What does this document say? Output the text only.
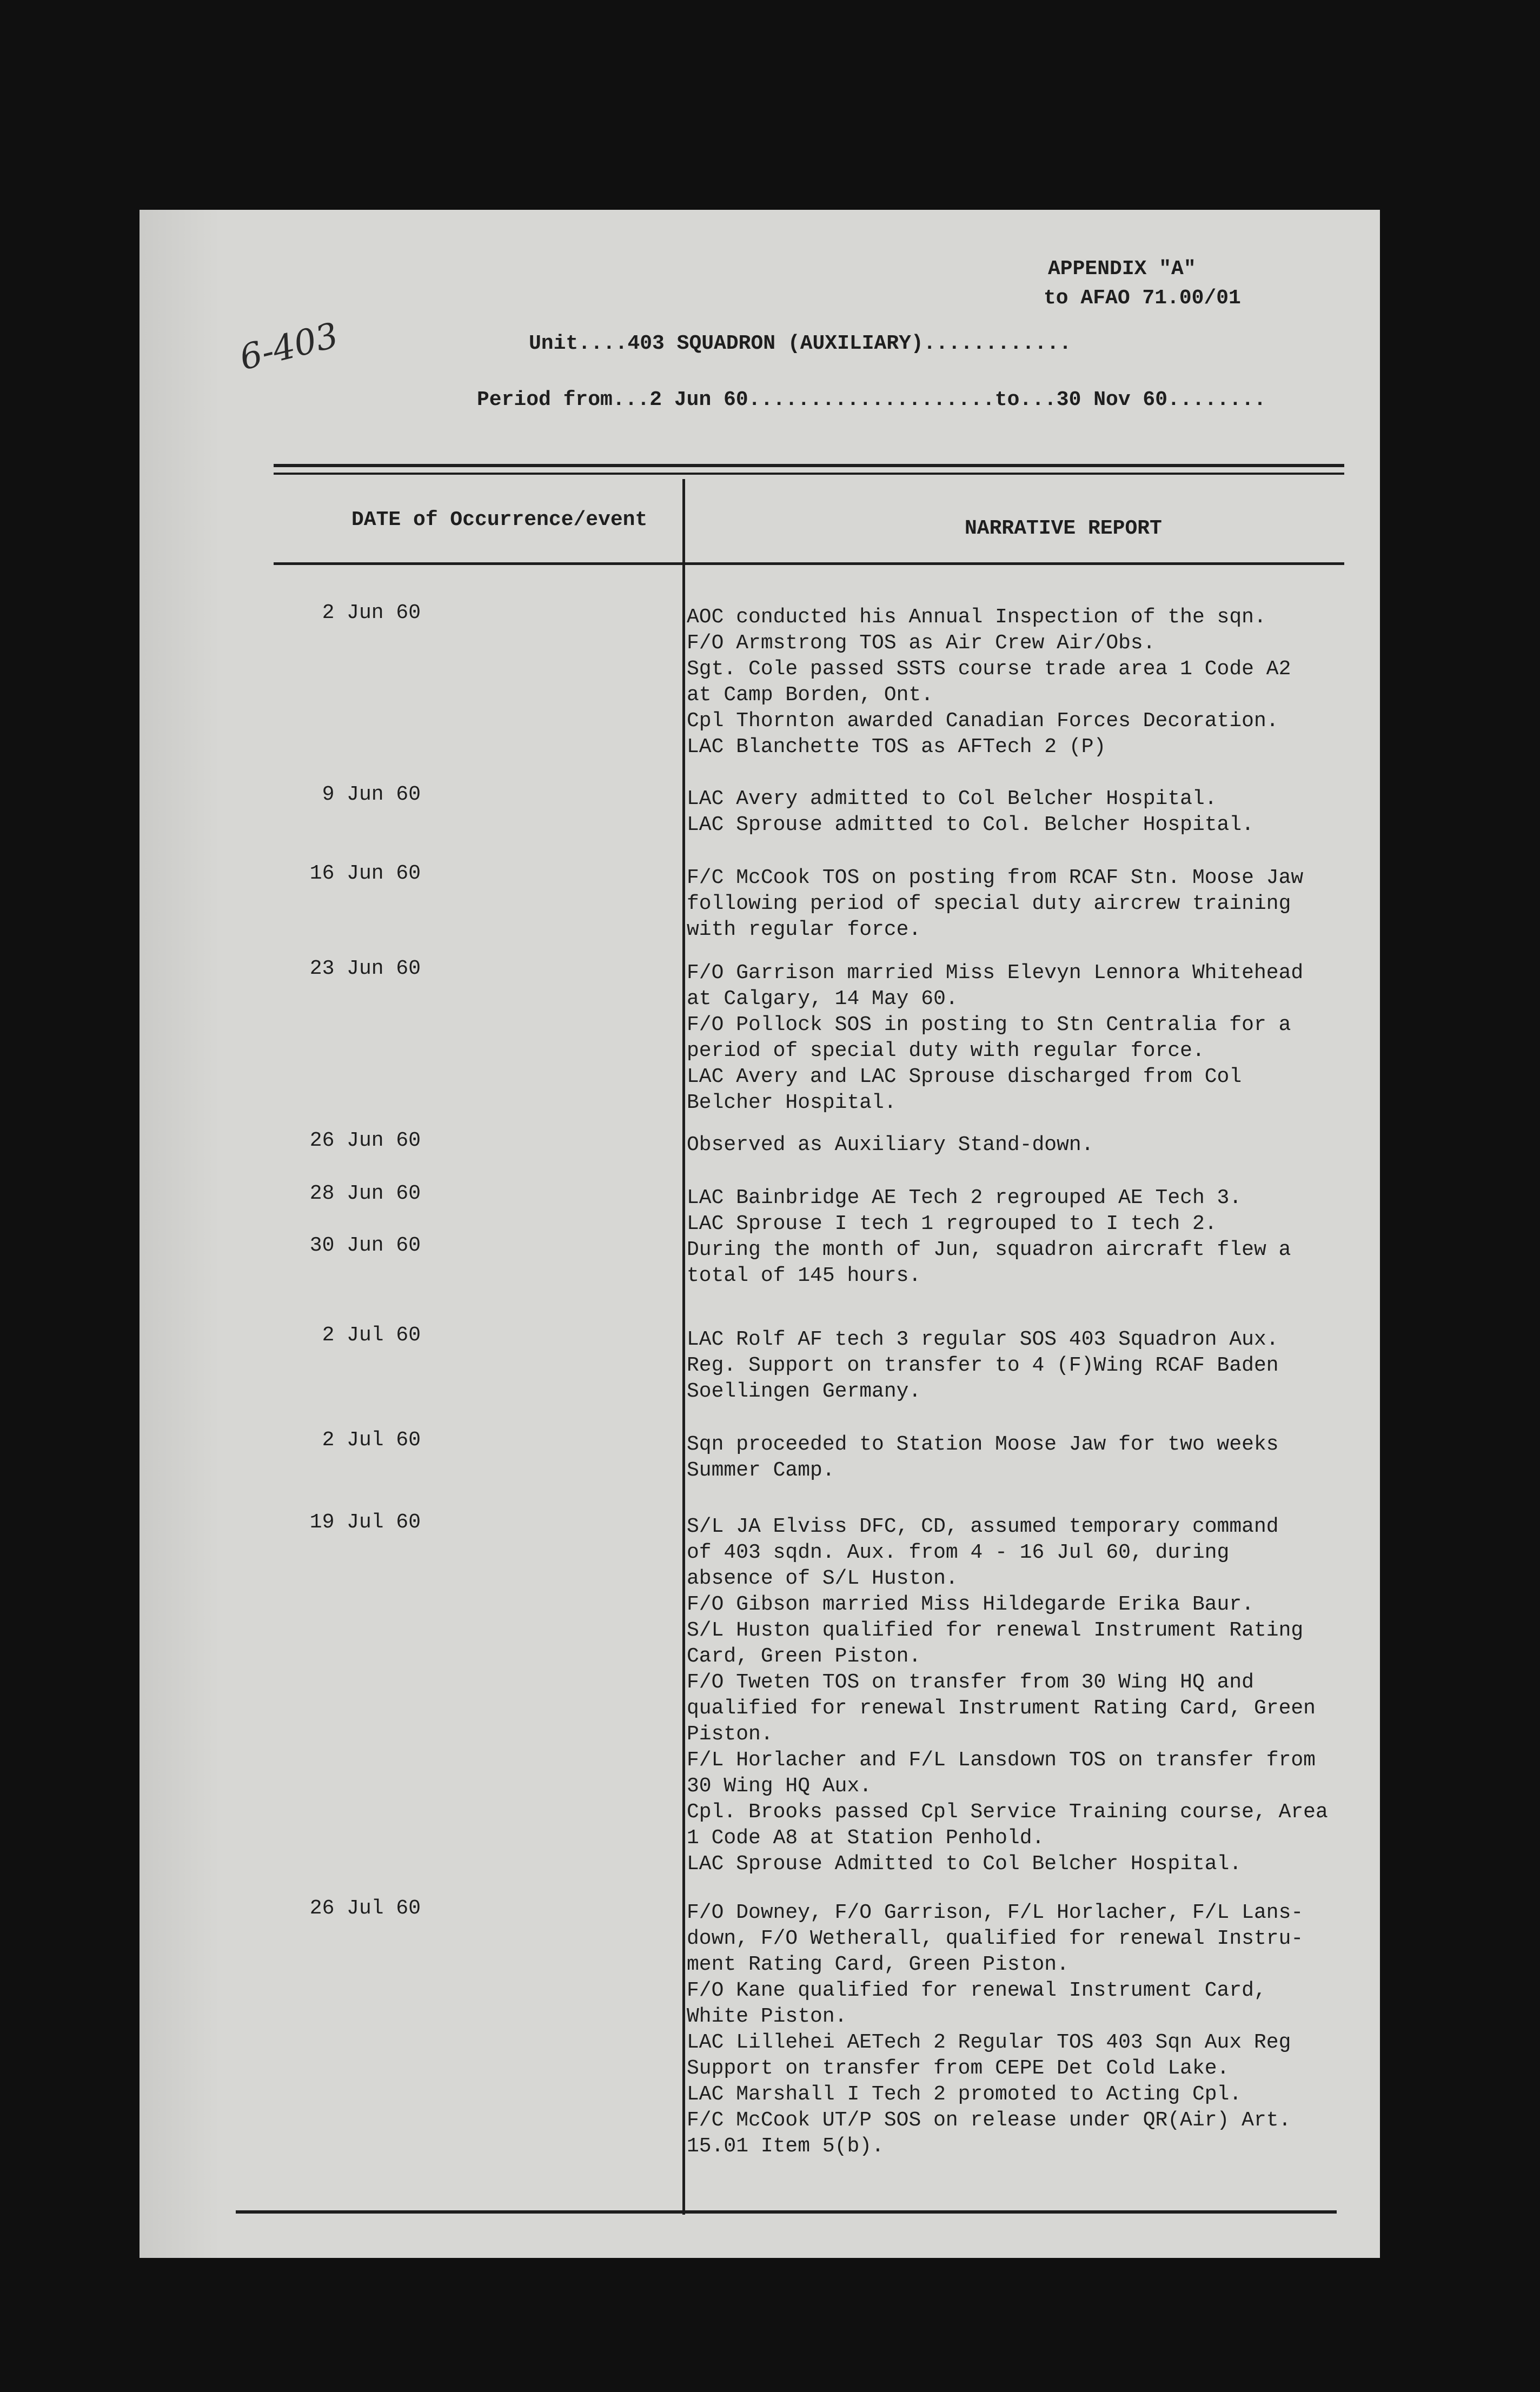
6-403
APPENDIX "A"
to AFAO 71.00/01
Unit....403 SQUADRON (AUXILIARY)............
Period from...2 Jun 60....................to...30 Nov 60........
DATE of Occurrence/event	NARRATIVE REPORT
2 Jun 60	AOC conducted his Annual Inspection of the sqn.
F/O Armstrong TOS as Air Crew Air/Obs.
Sgt. Cole passed SSTS course trade area 1 Code A2
at Camp Borden, Ont.
Cpl Thornton awarded Canadian Forces Decoration.
LAC Blanchette TOS as AFTech 2 (P)
9 Jun 60	LAC Avery admitted to Col Belcher Hospital.
LAC Sprouse admitted to Col. Belcher Hospital.
16 Jun 60	F/C McCook TOS on posting from RCAF Stn. Moose Jaw
following period of special duty aircrew training
with regular force.
23 Jun 60	F/O Garrison married Miss Elevyn Lennora Whitehead
at Calgary, 14 May 60.
F/O Pollock SOS in posting to Stn Centralia for a
period of special duty with regular force.
LAC Avery and LAC Sprouse discharged from Col
Belcher Hospital.
26 Jun 60	Observed as Auxiliary Stand-down.
28 Jun 60	LAC Bainbridge AE Tech 2 regrouped AE Tech 3.
LAC Sprouse I tech 1 regrouped to I tech 2.
30 Jun 60	During the month of Jun, squadron aircraft flew a
total of 145 hours.
2 Jul 60	LAC Rolf AF tech 3 regular SOS 403 Squadron Aux.
Reg. Support on transfer to 4 (F)Wing RCAF Baden
Soellingen Germany.
2 Jul 60	Sqn proceeded to Station Moose Jaw for two weeks
Summer Camp.
19 Jul 60	S/L JA Elviss DFC, CD, assumed temporary command
of 403 sqdn. Aux. from 4 - 16 Jul 60, during
absence of S/L Huston.
F/O Gibson married Miss Hildegarde Erika Baur.
S/L Huston qualified for renewal Instrument Rating
Card, Green Piston.
F/O Tweten TOS on transfer from 30 Wing HQ and
qualified for renewal Instrument Rating Card, Green
Piston.
F/L Horlacher and F/L Lansdown TOS on transfer from
30 Wing HQ Aux.
Cpl. Brooks passed Cpl Service Training course, Area
1 Code A8 at Station Penhold.
LAC Sprouse Admitted to Col Belcher Hospital.
26 Jul 60	F/O Downey, F/O Garrison, F/L Horlacher, F/L Lans-
down, F/O Wetherall, qualified for renewal Instru-
ment Rating Card, Green Piston.
F/O Kane qualified for renewal Instrument Card,
White Piston.
LAC Lillehei AETech 2 Regular TOS 403 Sqn Aux Reg
Support on transfer from CEPE Det Cold Lake.
LAC Marshall I Tech 2 promoted to Acting Cpl.
F/C McCook UT/P SOS on release under QR(Air) Art.
15.01 Item 5(b).
